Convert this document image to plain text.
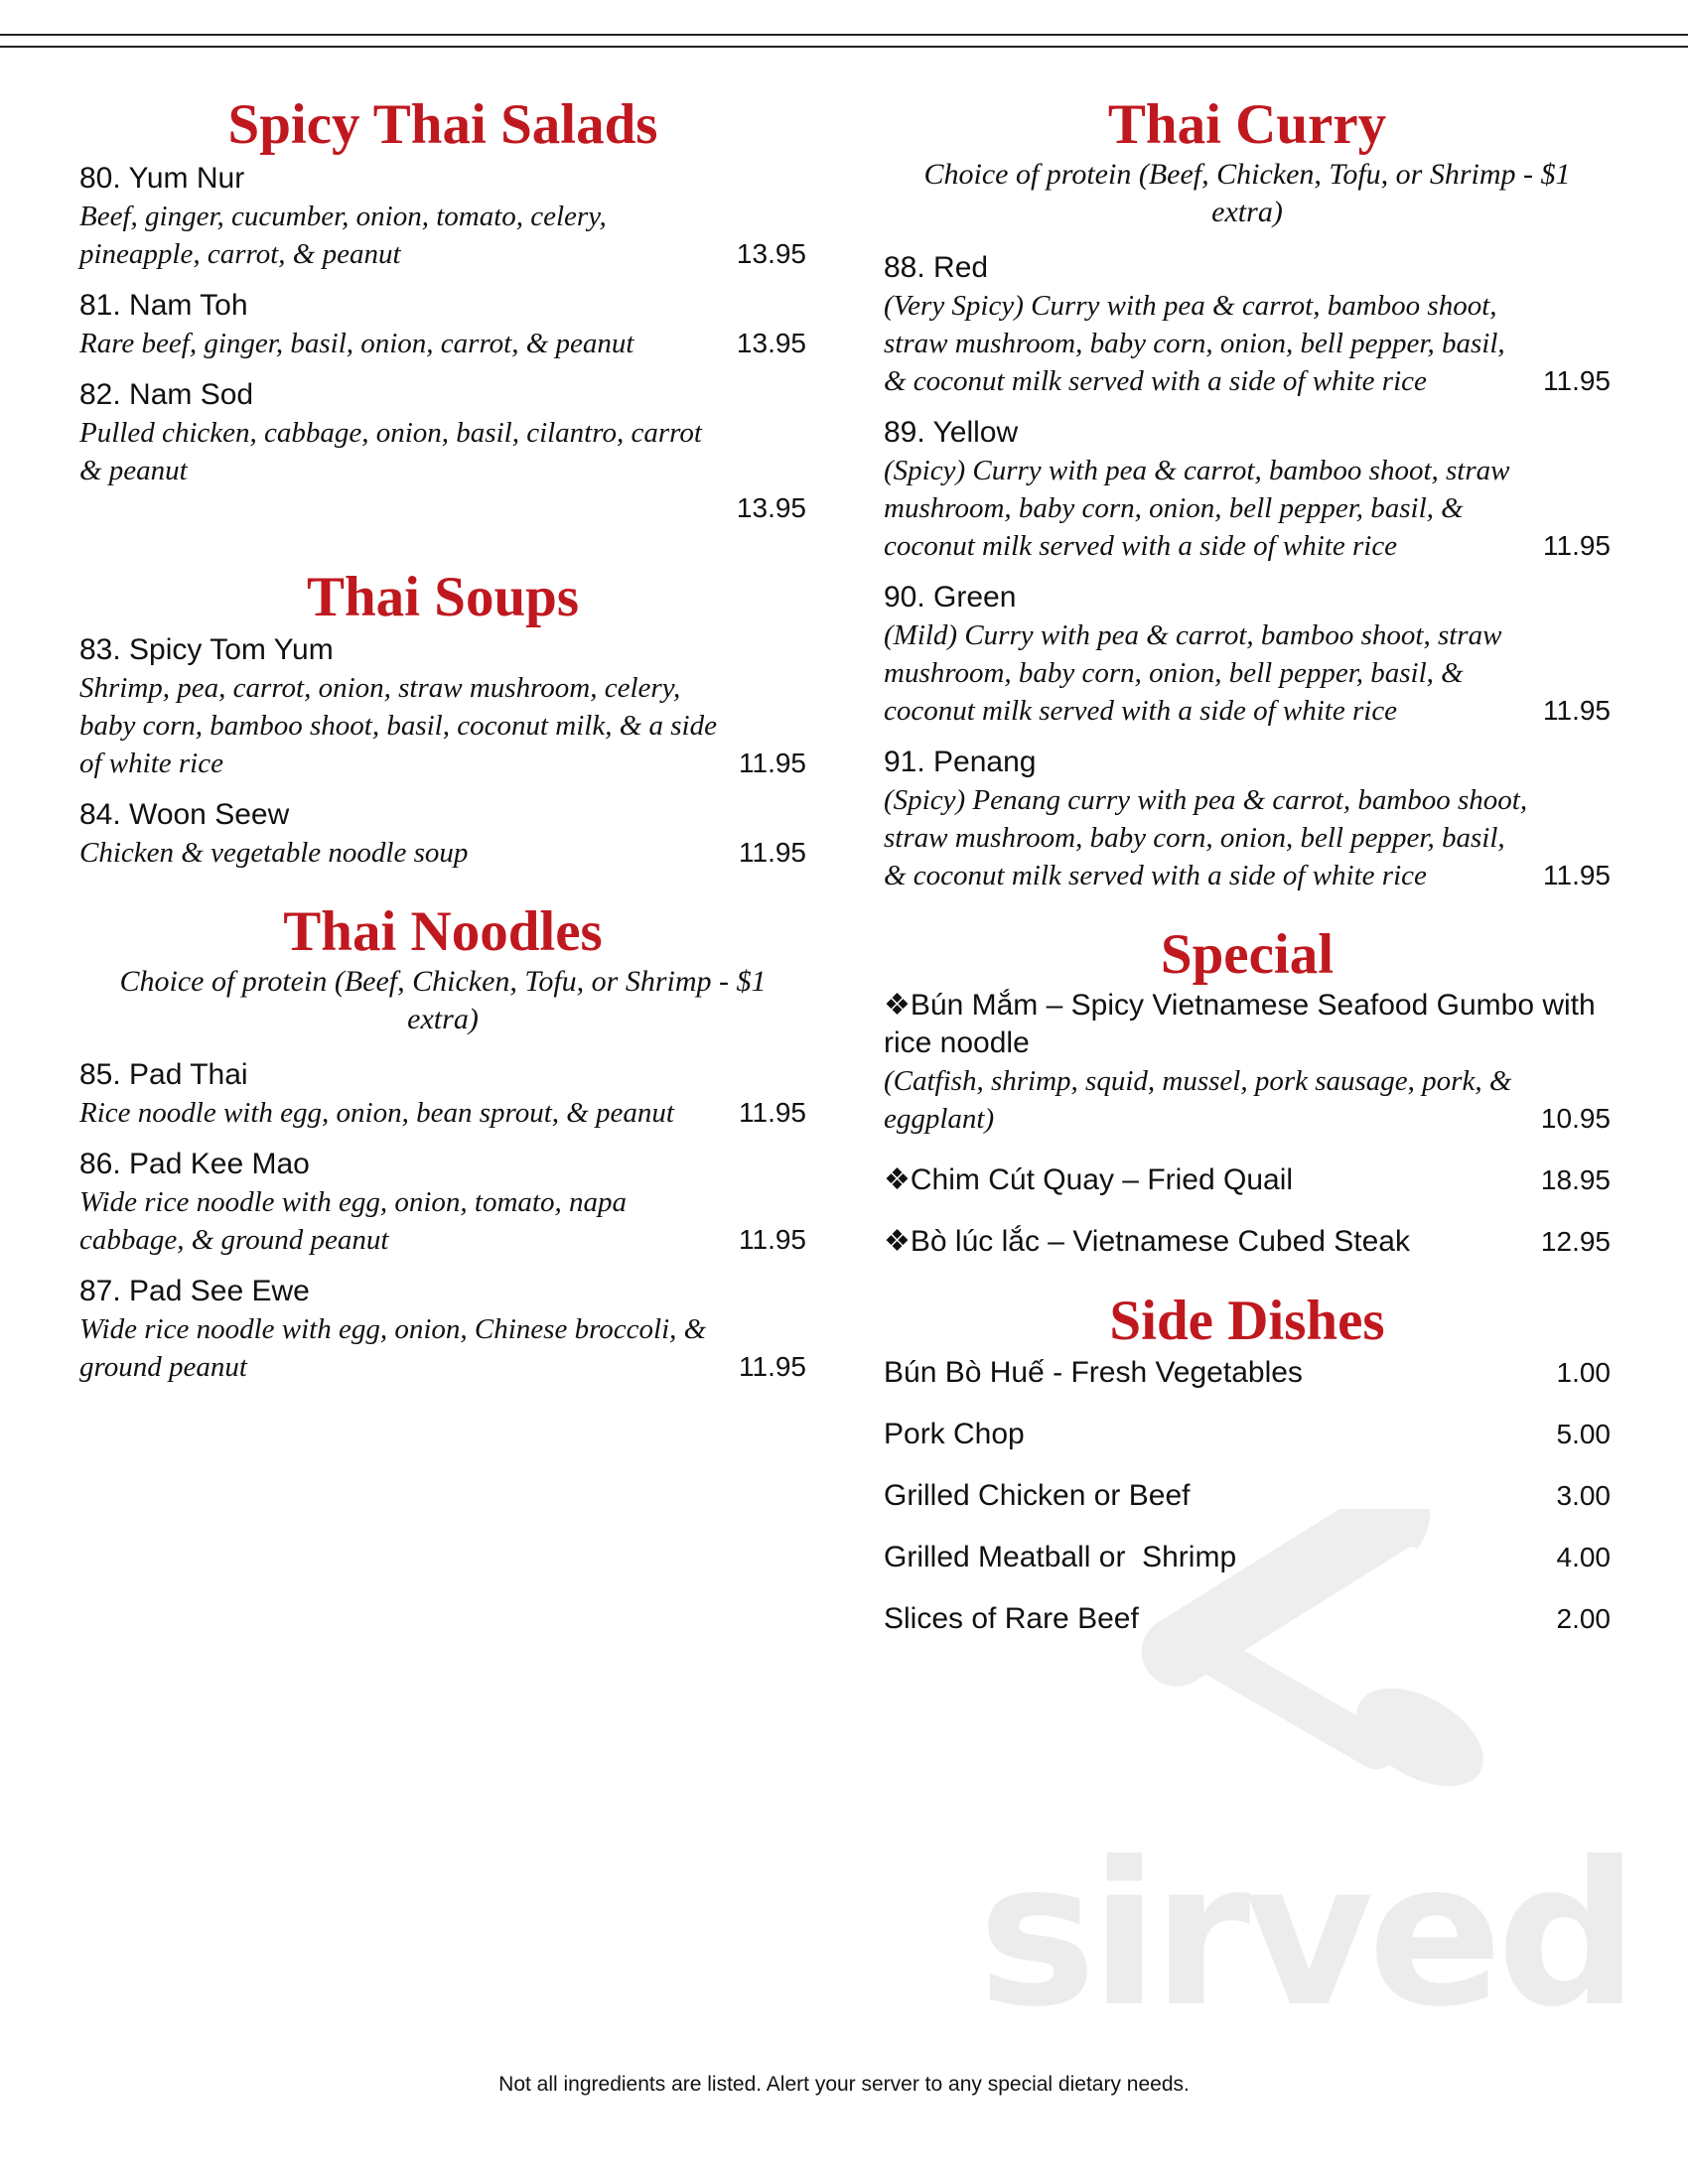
sirved
Spicy Thai Salads
80. Yum Nur
Beef, ginger, cucumber, onion, tomato, celery, pineapple, carrot, & peanut	13.95
81. Nam Toh
Rare beef, ginger, basil, onion, carrot, & peanut	13.95
82. Nam Sod
Pulled chicken, cabbage, onion, basil, cilantro, carrot & peanut
13.95
Thai Soups
83. Spicy Tom Yum
Shrimp, pea, carrot, onion, straw mushroom, celery, baby corn, bamboo shoot, basil, coconut milk, & a side of white rice	11.95
84. Woon Seew
Chicken & vegetable noodle soup	11.95
Thai Noodles
Choice of protein (Beef, Chicken, Tofu, or Shrimp - $1 extra)
85. Pad Thai
Rice noodle with egg, onion, bean sprout, & peanut	11.95
86. Pad Kee Mao
Wide rice noodle with egg, onion, tomato, napa cabbage, & ground peanut	11.95
87. Pad See Ewe
Wide rice noodle with egg, onion, Chinese broccoli, & ground peanut	11.95
Thai Curry
Choice of protein (Beef, Chicken, Tofu, or Shrimp - $1 extra)
88. Red
(Very Spicy) Curry with pea & carrot, bamboo shoot, straw mushroom, baby corn, onion, bell pepper, basil, & coconut milk served with a side of white rice	11.95
89. Yellow
(Spicy) Curry with pea & carrot, bamboo shoot, straw mushroom, baby corn, onion, bell pepper, basil, & coconut milk served with a side of white rice	11.95
90. Green
(Mild) Curry with pea & carrot, bamboo shoot, straw mushroom, baby corn, onion, bell pepper, basil, & coconut milk served with a side of white rice	11.95
91. Penang
(Spicy) Penang curry with pea & carrot, bamboo shoot, straw mushroom, baby corn, onion, bell pepper, basil, & coconut milk served with a side of white rice	11.95
Special
❖Bún Mắm – Spicy Vietnamese Seafood Gumbo with rice noodle
(Catfish, shrimp, squid, mussel, pork sausage, pork, & eggplant)	10.95
❖Chim Cút Quay – Fried Quail	18.95
❖Bò lúc lắc – Vietnamese Cubed Steak	12.95
Side Dishes
Bún Bò Huế - Fresh Vegetables	1.00
Pork Chop	5.00
Grilled Chicken or Beef	3.00
Grilled Meatball or  Shrimp	4.00
Slices of Rare Beef	2.00
Not all ingredients are listed. Alert your server to any special dietary needs.
